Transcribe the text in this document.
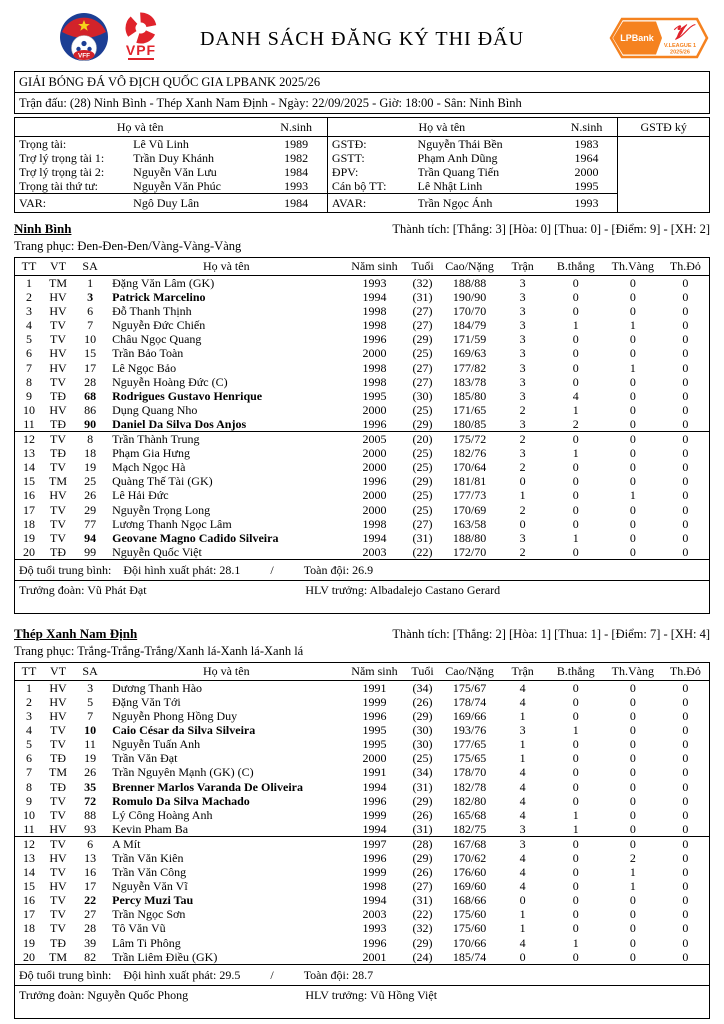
VFF	VPF	DANH SÁCH ĐĂNG KÝ THI ĐẤU	LPBank 𝒱
V.LEAGUE 1
2025/26
GIẢI BÓNG ĐÁ VÔ ĐỊCH QUỐC GIA LPBANK 2025/26
Trận đấu: (28) Ninh Bình - Thép Xanh Nam Định - Ngày: 22/09/2025 - Giờ: 18:00 - Sân: Ninh Bình
Họ và tên		N.sinh	Họ và tên		N.sinh	GSTĐ ký
Trọng tài:	Lê Vũ Linh	1989	GSTĐ:	Nguyễn Thái Bền	1983	
Trợ lý trọng tài 1:	Trần Duy Khánh	1982	GSTT:	Phạm Anh Dũng	1964	
Trợ lý trọng tài 2:	Nguyễn Văn Lưu	1984	ĐPV:	Trần Quang Tiến	2000	
Trọng tài thứ tư:	Nguyễn Văn Phúc	1993	Cán bộ TT:	Lê Nhật Linh	1995	
VAR:	Ngô Duy Lân	1984	AVAR:	Trần Ngọc Ánh	1993	
Ninh Bình	Thành tích: [Thắng: 3] [Hòa: 0] [Thua: 0] - [Điểm: 9] - [XH: 2]
Trang phục: Đen-Đen-Đen/Vàng-Vàng-Vàng
TT	VT	SA	Họ và tên	Năm sinh	Tuổi	Cao/Nặng	Trận	B.thắng	Th.Vàng	Th.Đỏ
1	TM	1	Đặng Văn Lâm (GK)	1993	(32)	188/88	3	0	0	0
2	HV	3	Patrick Marcelino	1994	(31)	190/90	3	0	0	0
3	HV	6	Đỗ Thanh Thịnh	1998	(27)	170/70	3	0	0	0
4	TV	7	Nguyễn Đức Chiến	1998	(27)	184/79	3	1	1	0
5	TV	10	Châu Ngọc Quang	1996	(29)	171/59	3	0	0	0
6	HV	15	Trần Bảo Toàn	2000	(25)	169/63	3	0	0	0
7	HV	17	Lê Ngọc Bảo	1998	(27)	177/82	3	0	1	0
8	TV	28	Nguyễn Hoàng Đức (C)	1998	(27)	183/78	3	0	0	0
9	TĐ	68	Rodrigues Gustavo Henrique	1995	(30)	185/80	3	4	0	0
10	HV	86	Dụng Quang Nho	2000	(25)	171/65	2	1	0	0
11	TĐ	90	Daniel Da Silva Dos Anjos	1996	(29)	180/85	3	2	0	0
12	TV	8	Trần Thành Trung	2005	(20)	175/72	2	0	0	0
13	TĐ	18	Phạm Gia Hưng	2000	(25)	182/76	3	1	0	0
14	TV	19	Mạch Ngọc Hà	2000	(25)	170/64	2	0	0	0
15	TM	25	Quàng Thế Tài (GK)	1996	(29)	181/81	0	0	0	0
16	HV	26	Lê Hải Đức	2000	(25)	177/73	1	0	1	0
17	TV	29	Nguyễn Trọng Long	2000	(25)	170/69	2	0	0	0
18	TV	77	Lương Thanh Ngọc Lâm	1998	(27)	163/58	0	0	0	0
19	TV	94	Geovane Magno Cadido Silveira	1994	(31)	188/80	3	1	0	0
20	TĐ	99	Nguyễn Quốc Việt	2003	(22)	172/70	2	0	0	0
Độ tuổi trung bình: Đội hình xuất phát: 28.1	/	Toàn đội: 26.9
Trưởng đoàn: Vũ Phát Đạt	HLV trưởng: Albadalejo Castano Gerard
Thép Xanh Nam Định	Thành tích: [Thắng: 2] [Hòa: 1] [Thua: 1] - [Điểm: 7] - [XH: 4]
Trang phục: Trắng-Trắng-Trắng/Xanh lá-Xanh lá-Xanh lá
TT	VT	SA	Họ và tên	Năm sinh	Tuổi	Cao/Nặng	Trận	B.thắng	Th.Vàng	Th.Đỏ
1	HV	3	Dương Thanh Hào	1991	(34)	175/67	4	0	0	0
2	HV	5	Đặng Văn Tới	1999	(26)	178/74	4	0	0	0
3	HV	7	Nguyễn Phong Hồng Duy	1996	(29)	169/66	1	0	0	0
4	TV	10	Caio César da Silva Silveira	1995	(30)	193/76	3	1	0	0
5	TV	11	Nguyễn Tuấn Anh	1995	(30)	177/65	1	0	0	0
6	TĐ	19	Trần Văn Đạt	2000	(25)	175/65	1	0	0	0
7	TM	26	Trần Nguyên Mạnh (GK) (C)	1991	(34)	178/70	4	0	0	0
8	TĐ	35	Brenner Marlos Varanda De Oliveira	1994	(31)	182/78	4	0	0	0
9	TV	72	Romulo Da Silva Machado	1996	(29)	182/80	4	0	0	0
10	TV	88	Lý Công Hoàng Anh	1999	(26)	165/68	4	1	0	0
11	HV	93	Kevin Pham Ba	1994	(31)	182/75	3	1	0	0
12	TV	6	A Mít	1997	(28)	167/68	3	0	0	0
13	HV	13	Trần Văn Kiên	1996	(29)	170/62	4	0	2	0
14	TV	16	Trần Văn Công	1999	(26)	176/60	4	0	1	0
15	HV	17	Nguyễn Văn Vĩ	1998	(27)	169/60	4	0	1	0
16	TV	22	Percy Muzi Tau	1994	(31)	168/66	0	0	0	0
17	TV	27	Trần Ngọc Sơn	2003	(22)	175/60	1	0	0	0
18	TV	28	Tô Văn Vũ	1993	(32)	175/60	1	0	0	0
19	TĐ	39	Lâm Ti Phông	1996	(29)	170/66	4	1	0	0
20	TM	82	Trần Liêm Điều (GK)	2001	(24)	185/74	0	0	0	0
Độ tuổi trung bình: Đội hình xuất phát: 29.5	/	Toàn đội: 28.7
Trưởng đoàn: Nguyễn Quốc Phong	HLV trưởng: Vũ Hồng Việt
